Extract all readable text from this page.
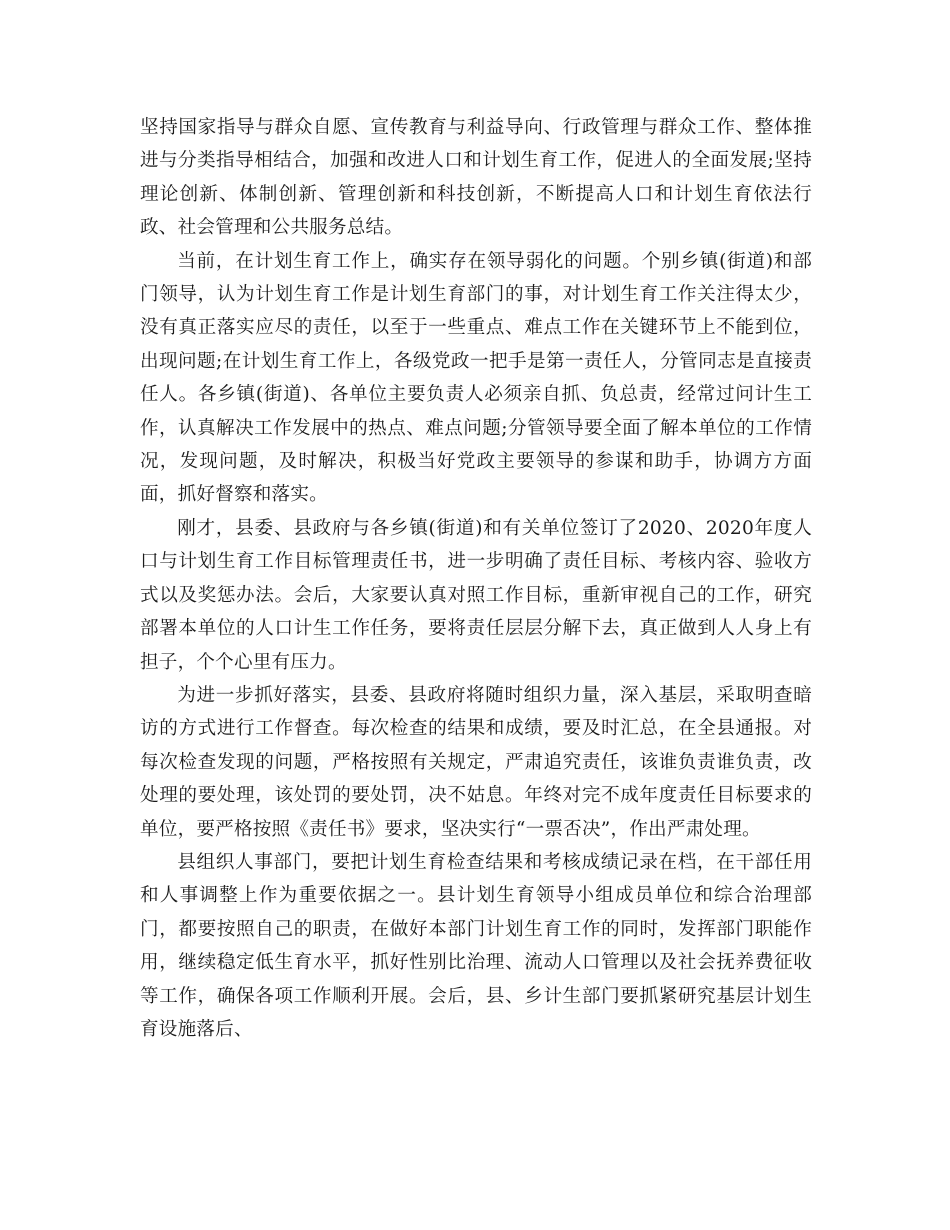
坚持国家指导与群众自愿、宣传教育与利益导向、行政管理与群众工作、整体推进与分类指导相结合，加强和改进人口和计划生育工作，促进人的全面发展;坚持理论创新、体制创新、管理创新和科技创新，不断提高人口和计划生育依法行政、社会管理和公共服务总结。

当前，在计划生育工作上，确实存在领导弱化的问题。个别乡镇(街道)和部门领导，认为计划生育工作是计划生育部门的事，对计划生育工作关注得太少，没有真正落实应尽的责任，以至于一些重点、难点工作在关键环节上不能到位，出现问题;在计划生育工作上，各级党政一把手是第一责任人，分管同志是直接责任人。各乡镇(街道)、各单位主要负责人必须亲自抓、负总责，经常过问计生工作，认真解决工作发展中的热点、难点问题;分管领导要全面了解本单位的工作情况，发现问题，及时解决，积极当好党政主要领导的参谋和助手，协调方方面面，抓好督察和落实。

刚才，县委、县政府与各乡镇(街道)和有关单位签订了2020、2020年度人口与计划生育工作目标管理责任书，进一步明确了责任目标、考核内容、验收方式以及奖惩办法。会后，大家要认真对照工作目标，重新审视自己的工作，研究部署本单位的人口计生工作任务，要将责任层层分解下去，真正做到人人身上有担子，个个心里有压力。

为进一步抓好落实，县委、县政府将随时组织力量，深入基层，采取明查暗访的方式进行工作督查。每次检查的结果和成绩，要及时汇总，在全县通报。对每次检查发现的问题，严格按照有关规定，严肃追究责任，该谁负责谁负责，改处理的要处理，该处罚的要处罚，决不姑息。年终对完不成年度责任目标要求的单位，要严格按照《责任书》要求，坚决实行“一票否决”，作出严肃处理。

县组织人事部门，要把计划生育检查结果和考核成绩记录在档，在干部任用和人事调整上作为重要依据之一。县计划生育领导小组成员单位和综合治理部门，都要按照自己的职责，在做好本部门计划生育工作的同时，发挥部门职能作用，继续稳定低生育水平，抓好性别比治理、流动人口管理以及社会抚养费征收等工作，确保各项工作顺利开展。会后，县、乡计生部门要抓紧研究基层计划生育设施落后、
